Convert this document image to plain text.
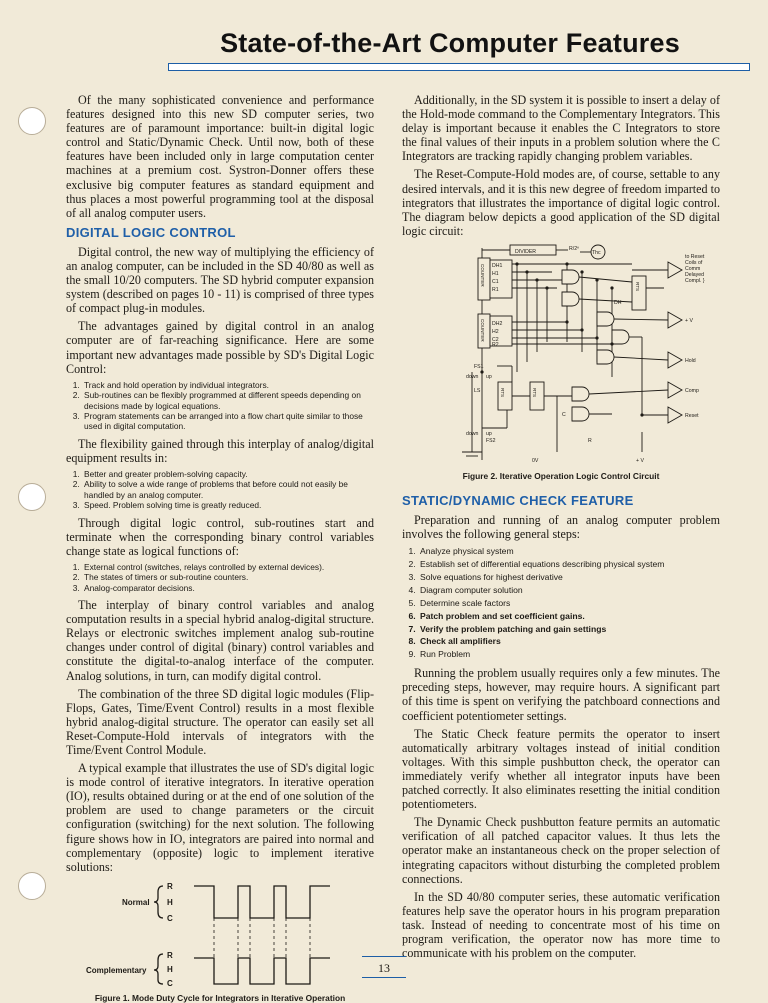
State-of-the-Art Computer Features

Of the many sophisticated convenience and performance features designed into this new SD computer series, two features are of paramount importance: built-in digital logic control and Static/Dynamic Check. Until now, both of these features have been included only in large computation center machines at a premium cost. Systron-Donner offers these exclusive big computer features as standard equipment and thus places a most powerful programming tool at the disposal of all analog computer users.

DIGITAL LOGIC CONTROL

Digital control, the new way of multiplying the efficiency of an analog computer, can be included in the SD 40/80 as well as the small 10/20 computers. The SD hybrid computer expansion system (described on pages 10 - 11) is comprised of three types of compact plug-in modules.

The advantages gained by digital control in an analog computer are of far-reaching significance. Here are some important new advantages made possible by SD's Digital Logic Control:

1. Track and hold operation by individual integrators.
2. Sub-routines can be flexibly programmed at different speeds depending on decisions made by logical equations.
3. Program statements can be arranged into a flow chart quite similar to those used in digital computation.

The flexibility gained through this interplay of analog/digital equipment results in:

1. Better and greater problem-solving capacity.
2. Ability to solve a wide range of problems that before could not easily be handled by an analog computer.
3. Speed. Problem solving time is greatly reduced.

Through digital logic control, sub-routines start and terminate when the corresponding binary control variables change state as logical functions of:

1. External control (switches, relays controlled by external devices).
2. The states of timers or sub-routine counters.
3. Analog-comparator decisions.

The interplay of binary control variables and analog computation results in a special hybrid analog-digital structure. Relays or electronic switches implement analog sub-routine changes under control of digital (binary) control variables and constitute the digital-to-analog interface of the computer. Analog solutions, in turn, can modify digital control.

The combination of the three SD digital logic modules (Flip-Flops, Gates, Time/Event Control) results in a most flexible hybrid analog-digital structure. The operator can easily set all Reset-Compute-Hold intervals of integrators with the Time/Event Control Module.

A typical example that illustrates the use of SD's digital logic is mode control of iterative integrators. In iterative operation (IO), results obtained during or at the end of one solution of the problem are used to change parameters or the circuit configuration (switching) for the next solution. The following figure shows how in IO, integrators are paired into normal and complementary (opposite) logic to implement iterative solutions:

Normal
Complementary
R
H
C
R
H
C
Figure 1. Mode Duty Cycle for Integrators in Iterative Operation

Additionally, in the SD system it is possible to insert a delay of the Hold-mode command to the Complementary Integrators. This delay is important because it enables the C Integrators to store the final values of their inputs in a problem solution where the C Integrators are tracking rapidly changing problem variables.

The Reset-Compute-Hold modes are, of course, settable to any desired intervals, and it is this new degree of freedom imparted to integrators that illustrates the importance of digital logic control. The diagram below depicts a good application of the SD digital logic circuit:

DIVIDER	R/2ⁿ
Thc
DH1
H1
C1
R1
DH2
H2
C2
R2
DH
FS1
down up
LS
down up
FS2
C
R
0V	+ V
to Reset
Coils of
Comm
Delayed
Compl. }
+ V
Hold
Comp
Reset
COUNTER
COUNTER
RTS
RTS	RTS
Figure 2. Iterative Operation Logic Control Circuit
STATIC/DYNAMIC CHECK FEATURE

Preparation and running of an analog computer problem involves the following general steps:

1. Analyze physical system
2. Establish set of differential equations describing physical system
3. Solve equations for highest derivative
4. Diagram computer solution
5. Determine scale factors
6. Patch problem and set coefficient gains.
7. Verify the problem patching and gain settings
8. Check all amplifiers
9. Run Problem

Running the problem usually requires only a few minutes. The preceding steps, however, may require hours. A significant part of this time is spent on verifying the patchboard connections and coefficient potentiometer settings.

The Static Check feature permits the operator to insert automatically arbitrary voltages instead of initial condition voltages. With this simple pushbutton check, the operator can immediately verify whether all integrator inputs have been patched correctly. It also eliminates resetting the initial condition potentiometers.

The Dynamic Check pushbutton feature permits an automatic verification of all patched capacitor values. It thus lets the operator make an instantaneous check on the proper selection of integrating capacitors without disturbing the completed problem connections.

In the SD 40/80 computer series, these automatic verification features help save the operator hours in his program preparation task. Instead of needing to concentrate most of his time on program verification, the operator now has more time to communicate with his problem on the computer.

13
